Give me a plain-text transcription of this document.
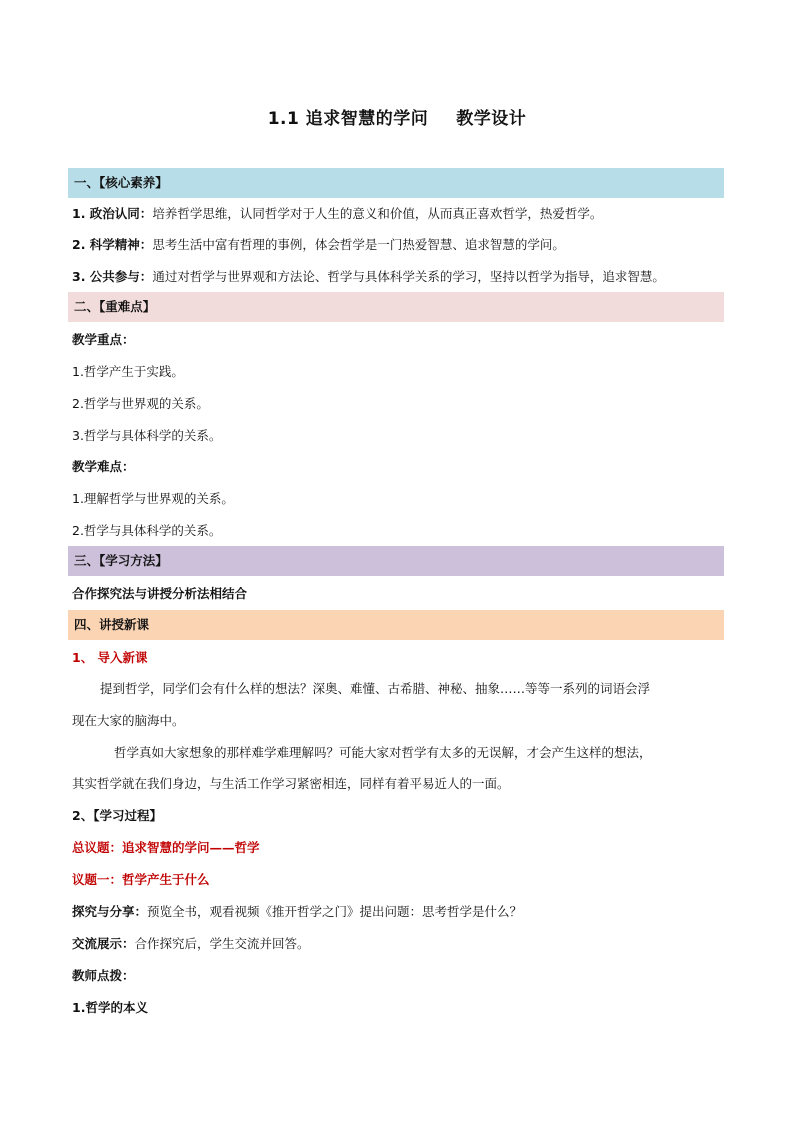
1.1 追求智慧的学问 教学设计
一、【核心素养】
1. 政治认同：培养哲学思维，认同哲学对于人生的意义和价值，从而真正喜欢哲学，热爱哲学。
2. 科学精神：思考生活中富有哲理的事例，体会哲学是一门热爱智慧、追求智慧的学问。
3. 公共参与：通过对哲学与世界观和方法论、哲学与具体科学关系的学习，坚持以哲学为指导，追求智慧。
二、【重难点】
教学重点：
1.哲学产生于实践。
2.哲学与世界观的关系。
3.哲学与具体科学的关系。
教学难点：
1.理解哲学与世界观的关系。
2.哲学与具体科学的关系。
三、【学习方法】
合作探究法与讲授分析法相结合
四、讲授新课
1、 导入新课
提到哲学，同学们会有什么样的想法？深奥、难懂、古希腊、神秘、抽象……等等一系列的词语会浮
现在大家的脑海中。
哲学真如大家想象的那样难学难理解吗？可能大家对哲学有太多的无误解，才会产生这样的想法，
其实哲学就在我们身边，与生活工作学习紧密相连，同样有着平易近人的一面。
2、【学习过程】
总议题：追求智慧的学问——哲学
议题一：哲学产生于什么
探究与分享：预览全书，观看视频《推开哲学之门》提出问题：思考哲学是什么？
交流展示：合作探究后，学生交流并回答。
教师点拨：
1.哲学的本义
